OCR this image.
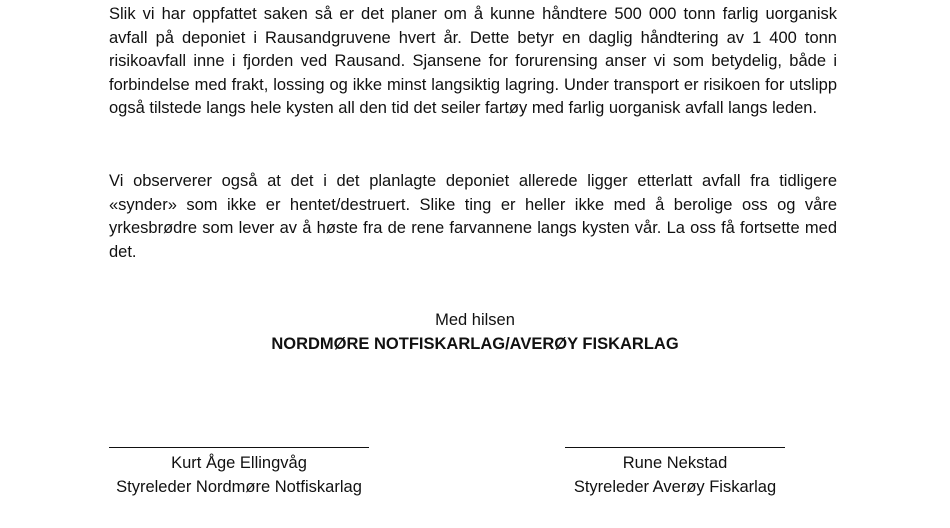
Slik vi har oppfattet saken så er det planer om å kunne håndtere 500 000 tonn farlig uorganisk avfall på deponiet i Rausandgruvene hvert år. Dette betyr en daglig håndtering av 1 400 tonn risikoavfall inne i fjorden ved Rausand. Sjansene for forurensing anser vi som betydelig, både i forbindelse med frakt, lossing og ikke minst langsiktig lagring. Under transport er risikoen for utslipp også tilstede langs hele kysten all den tid det seiler fartøy med farlig uorganisk avfall langs leden.

Vi observerer også at det i det planlagte deponiet allerede ligger etterlatt avfall fra tidligere «synder» som ikke er hentet/destruert. Slike ting er heller ikke med å berolige oss og våre yrkesbrødre som lever av å høste fra de rene farvannene langs kysten vår. La oss få fortsette med det.

Med hilsen
NORDMØRE NOTFISKARLAG/AVERØY FISKARLAG
Kurt Åge Ellingvåg
Styreleder Nordmøre Notfiskarlag
Rune Nekstad
Styreleder Averøy Fiskarlag
